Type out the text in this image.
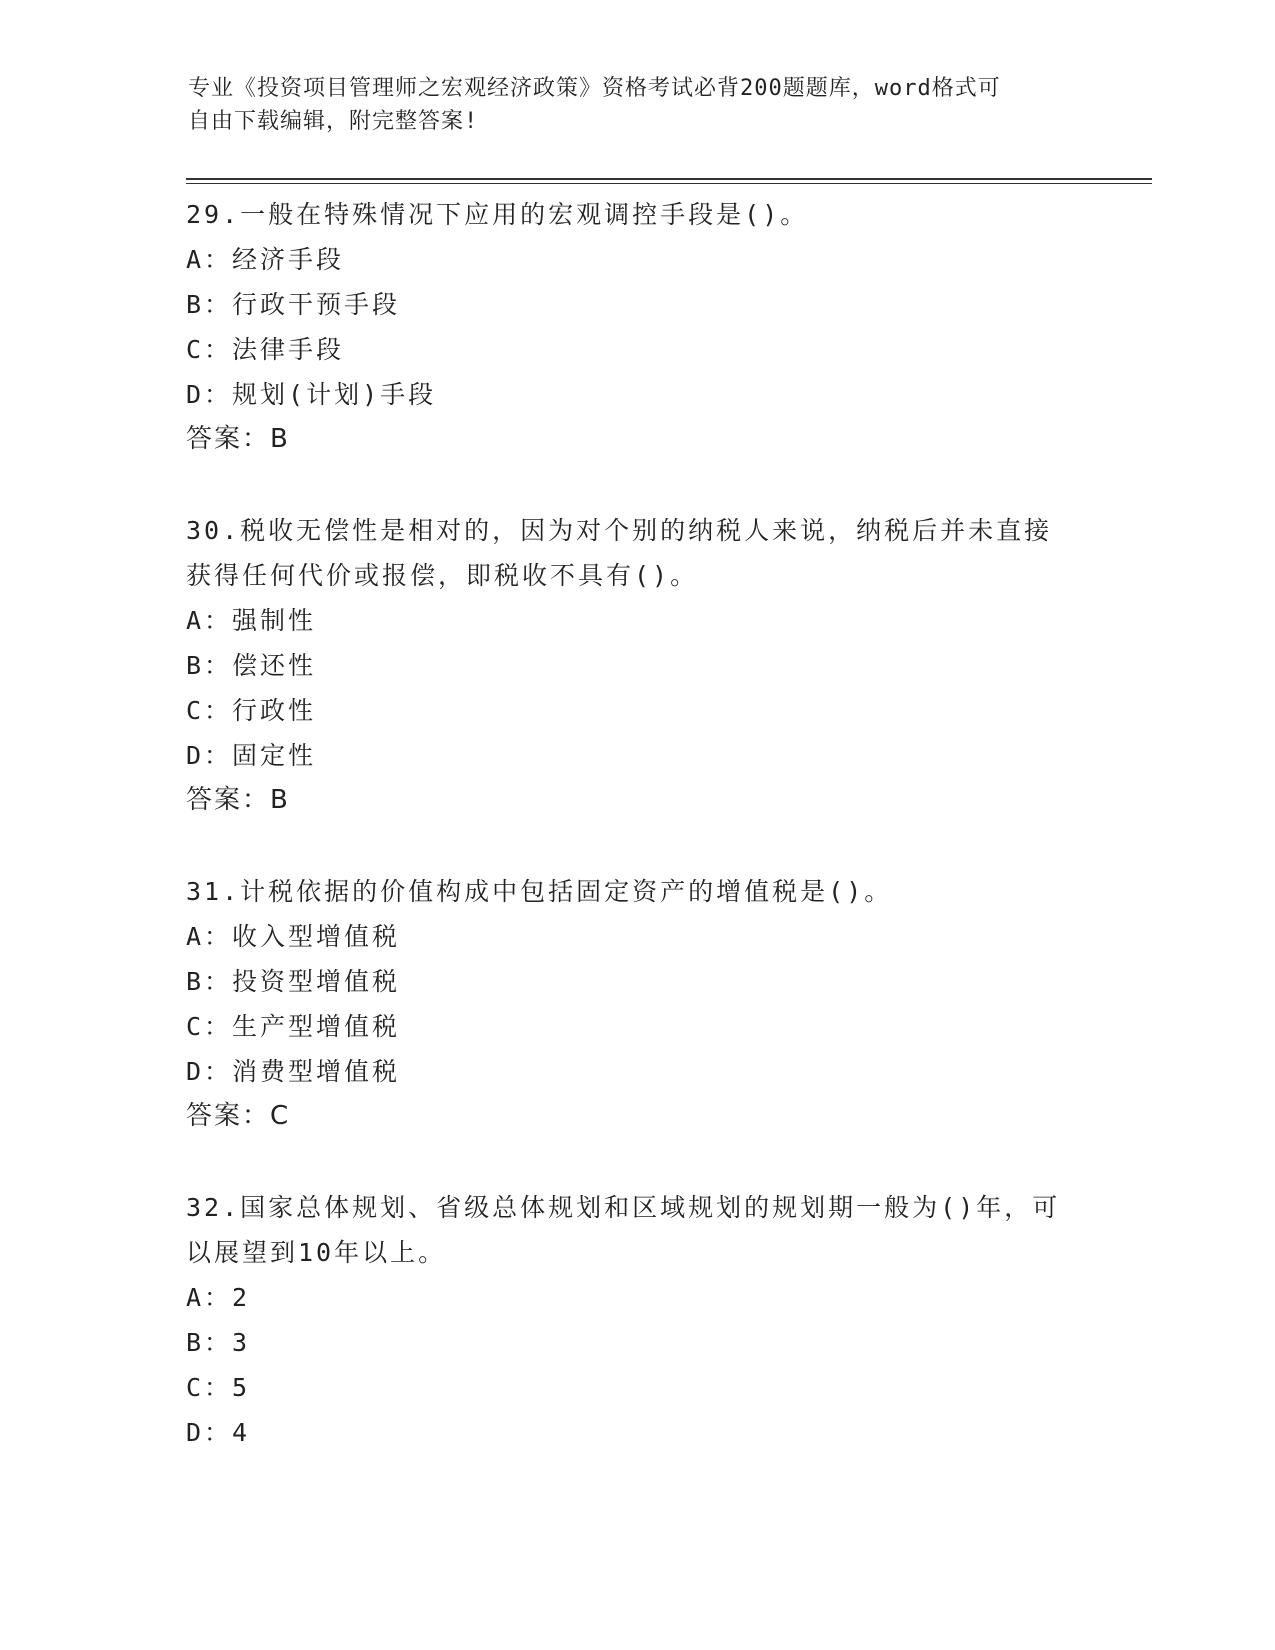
专业《投资项目管理师之宏观经济政策》资格考试必背200题题库，word格式可
自由下载编辑，附完整答案!

29.一般在特殊情况下应用的宏观调控手段是()。

A：经济手段

B：行政干预手段

C：法律手段

D：规划(计划)手段

答案：B

30.税收无偿性是相对的，因为对个别的纳税人来说，纳税后并未直接

获得任何代价或报偿，即税收不具有()。

A：强制性

B：偿还性

C：行政性

D：固定性

答案：B

31.计税依据的价值构成中包括固定资产的增值税是()。

A：收入型增值税

B：投资型增值税

C：生产型增值税

D：消费型增值税

答案：C

32.国家总体规划、省级总体规划和区域规划的规划期一般为()年，可

以展望到10年以上。

A：2

B：3

C：5

D：4
